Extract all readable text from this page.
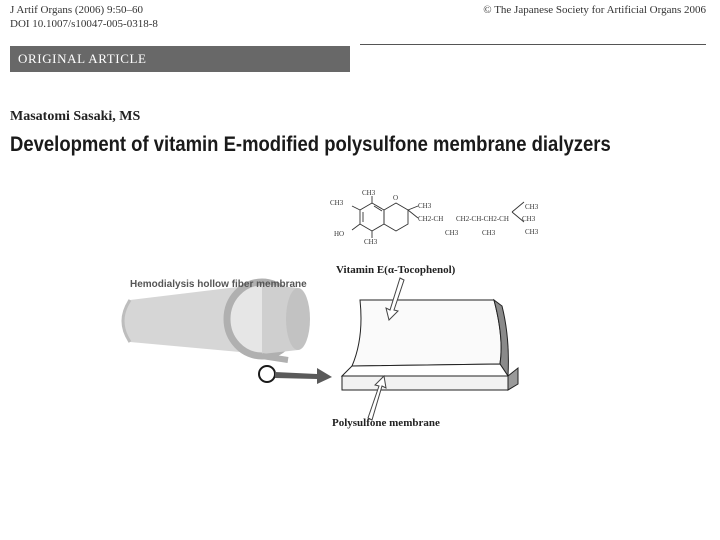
J Artif Organs (2006) 9:50–60
DOI 10.1007/s10047-005-0318-8
© The Japanese Society for Artificial Organs 2006
ORIGINAL ARTICLE
Masatomi Sasaki, MS
Development of vitamin E-modified polysulfone membrane dialyzers
CH3
CH3
HO
CH3
O
CH3
CH2-CH CH2-CH-CH2-CH
CH3	CH3
CH3
CH3
CH3
Hemodialysis hollow fiber membrane
Vitamin E(α-Tocophenol)
Polysulfone membrane
